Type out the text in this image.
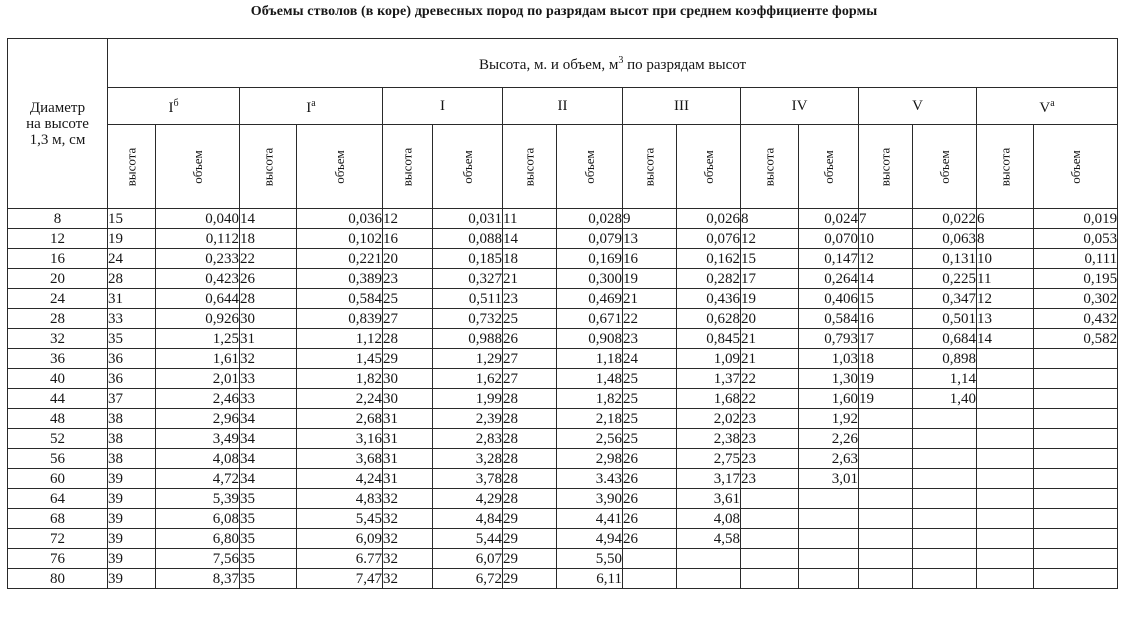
Объемы стволов (в коре) древесных пород по разрядам высот при среднем коэффициенте формы
Диаметр
на высоте
1,3 м, см	Высота, м. и объем, $м^3$ по разрядам высот															
	$I^б$		$I^а$		I		II		III		IV		V		$V^а$
	высота	объем	высота	объем	высота	объем	высота	объем	высота	объем	высота	объем	высота	объем	высота	объем
8	15	0,040	14	0,036	12	0,031	11	0,028	9	0,026	8	0,024	7	0,022	6	0,019
12	19	0,112	18	0,102	16	0,088	14	0,079	13	0,076	12	0,070	10	0,063	8	0,053
16	24	0,233	22	0,221	20	0,185	18	0,169	16	0,162	15	0,147	12	0,131	10	0,111
20	28	0,423	26	0,389	23	0,327	21	0,300	19	0,282	17	0,264	14	0,225	11	0,195
24	31	0,644	28	0,584	25	0,511	23	0,469	21	0,436	19	0,406	15	0,347	12	0,302
28	33	0,926	30	0,839	27	0,732	25	0,671	22	0,628	20	0,584	16	0,501	13	0,432
32	35	1,25	31	1,12	28	0,988	26	0,908	23	0,845	21	0,793	17	0,684	14	0,582
36	36	1,61	32	1,45	29	1,29	27	1,18	24	1,09	21	1,03	18	0,898		
40	36	2,01	33	1,82	30	1,62	27	1,48	25	1,37	22	1,30	19	1,14		
44	37	2,46	33	2,24	30	1,99	28	1,82	25	1,68	22	1,60	19	1,40		
48	38	2,96	34	2,68	31	2,39	28	2,18	25	2,02	23	1,92				
52	38	3,49	34	3,16	31	2,83	28	2,56	25	2,38	23	2,26				
56	38	4,08	34	3,68	31	3,28	28	2,98	26	2,75	23	2,63				
60	39	4,72	34	4,24	31	3,78	28	3.43	26	3,17	23	3,01				
64	39	5,39	35	4,83	32	4,29	28	3,90	26	3,61						
68	39	6,08	35	5,45	32	4,84	29	4,41	26	4,08						
72	39	6,80	35	6,09	32	5,44	29	4,94	26	4,58						
76	39	7,56	35	6.77	32	6,07	29	5,50								
80	39	8,37	35	7,47	32	6,72	29	6,11								
